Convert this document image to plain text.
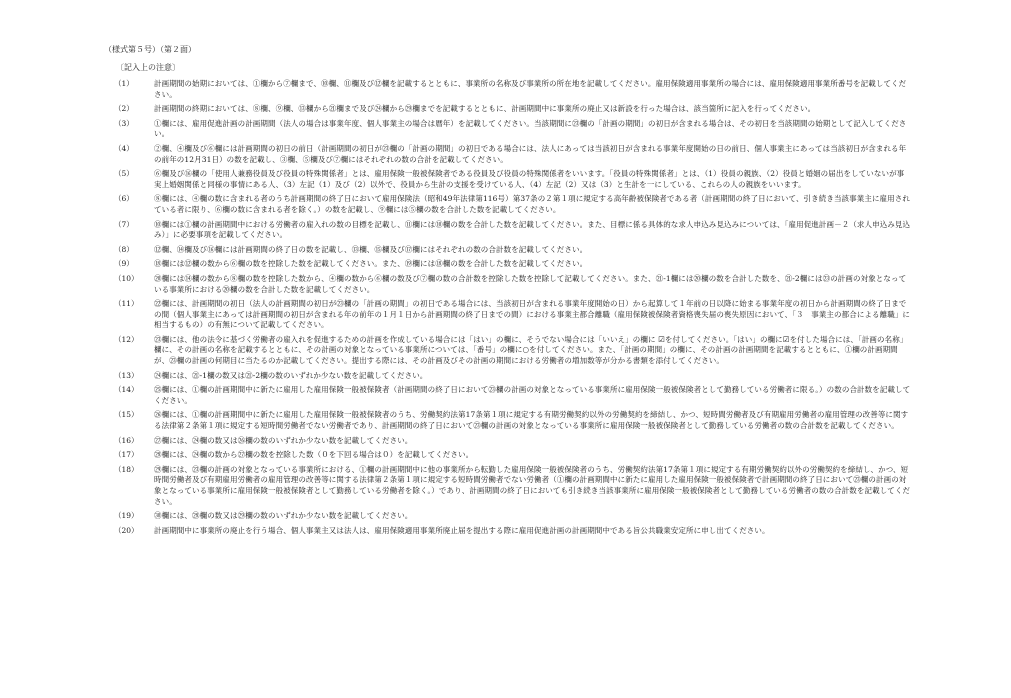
（様式第５号）（第２面）
〔記入上の注意〕
（1）	計画期間の始期においては、①欄から⑦欄まで、⑩欄、⑪欄及び⑫欄を記載するとともに、事業所の名称及び事業所の所在地を記載してください。雇用保険適用事業所の場合には、雇用保険適用事業所番号を記載してください。
（2）	計画期間の終期においては、⑧欄、⑨欄、⑬欄から㉑欄まで及び㉔欄から㉙欄までを記載するとともに、計画期間中に事業所の廃止又は新設を行った場合は、該当箇所に記入を行ってください。
（3）	①欄には、雇用促進計画の計画期間（法人の場合は事業年度、個人事業主の場合は暦年）を記載してください。当該期間に㉓欄の「計画の期間」の初日が含まれる場合は、その初日を当該期間の始期として記入してください。
（4）	②欄、④欄及び⑥欄には計画期間の初日の前日（計画期間の初日が㉓欄の「計画の期間」の初日である場合には、法人にあっては当該初日が含まれる事業年度開始の日の前日、個人事業主にあっては当該初日が含まれる年の前年の12月31日）の数を記載し、③欄、⑤欄及び⑦欄にはそれぞれの数の合計を記載してください。
（5）	⑥欄及び⑯欄の「使用人兼務役員及び役員の特殊関係者」とは、雇用保険一般被保険者である役員及び役員の特殊関係者をいいます。「役員の特殊関係者」とは、（1）役員の親族、（2）役員と婚姻の届出をしていないが事実上婚姻関係と同様の事情にある人、（3）左記（1）及び（2）以外で、役員から生計の支援を受けている人、（4）左記（2）又は（3）と生計を一にしている、これらの人の親族をいいます。
（6）	⑧欄には、④欄の数に含まれる者のうち計画期間の終了日において雇用保険法（昭和49年法律第116号）第37条の２第１項に規定する高年齢被保険者である者（計画期間の終了日において、引き続き当該事業主に雇用されている者に限り、⑥欄の数に含まれる者を除く。）の数を記載し、⑨欄には⑤欄の数を合計した数を記載してください。
（7）	⑩欄には①欄の計画期間中における労働者の雇入れの数の目標を記載し、⑪欄には⑩欄の数を合計した数を記載してください。また、目標に係る具体的な求人申込み見込みについては、「雇用促進計画－２（求人申込み見込み）」に必要事項を記載してください。
（8）	⑫欄、⑭欄及び⑯欄には計画期間の終了日の数を記載し、⑬欄、⑮欄及び⑰欄にはそれぞれの数の合計数を記載してください。
（9）	⑱欄には⑫欄の数から⑥欄の数を控除した数を記載してください。また、⑲欄には⑱欄の数を合計した数を記載してください。
（10）	⑳欄には⑭欄の数から⑧欄の数を控除した数から、④欄の数から⑥欄の数及び⑦欄の数の合計数を控除した数を控除して記載してください。また、㉑-1欄には⑳欄の数を合計した数を、㉑-2欄には㉓の計画の対象となっている事業所における⑳欄の数を合計した数を記載してください。
（11）	㉒欄には、計画期間の初日（法人の計画期間の初日が㉓欄の「計画の期間」の初日である場合には、当該初日が含まれる事業年度開始の日）から起算して１年前の日以降に始まる事業年度の初日から計画期間の終了日までの間（個人事業主にあっては計画期間の初日が含まれる年の前年の１月１日から計画期間の終了日までの間）における事業主都合離職（雇用保険被保険者資格喪失届の喪失原因において、「３　事業主の都合による離職」に相当するもの）の有無について記載してください。
（12）	㉓欄には、他の法令に基づく労働者の雇入れを促進するための計画を作成している場合には「はい」の欄に、そうでない場合には「いいえ」の欄に ☑を付してください。「はい」の欄に☑を付した場合には、「計画の名称」欄に、その計画の名称を記載するとともに、その計画の対象となっている事業所については、「番号」の欄に○を付してください。また、「計画の期間」の欄に、その計画の計画期間を記載するとともに、①欄の計画期間が、㉓欄の計画の何期目に当たるのか記載してください。提出する際には、その計画及びその計画の期間における労働者の増加数等が分かる書類を添付してください。
（13）	㉔欄には、㉑-1欄の数又は㉑-2欄の数のいずれか少ない数を記載してください。
（14）	㉕欄には、①欄の計画期間中に新たに雇用した雇用保険一般被保険者（計画期間の終了日において㉓欄の計画の対象となっている事業所に雇用保険一般被保険者として勤務している労働者に限る。）の数の合計数を記載してください。
（15）	㉖欄には、①欄の計画期間中に新たに雇用した雇用保険一般被保険者のうち、労働契約法第17条第１項に規定する有期労働契約以外の労働契約を締結し、かつ、短時間労働者及び有期雇用労働者の雇用管理の改善等に関する法律第２条第１項に規定する短時間労働者でない労働者であり、計画期間の終了日において㉓欄の計画の対象となっている事業所に雇用保険一般被保険者として勤務している労働者の数の合計数を記載してください。
（16）	㉗欄には、㉔欄の数又は㉖欄の数のいずれか少ない数を記載してください。
（17）	㉘欄には、㉔欄の数から㉗欄の数を控除した数（０を下回る場合は０）を記載してください。
（18）	㉙欄には、㉓欄の計画の対象となっている事業所における、①欄の計画期間中に他の事業所から転勤した雇用保険一般被保険者のうち、労働契約法第17条第１項に規定する有期労働契約以外の労働契約を締結し、かつ、短時間労働者及び有期雇用労働者の雇用管理の改善等に関する法律第２条第１項に規定する短時間労働者でない労働者（①欄の計画期間中に新たに雇用した雇用保険一般被保険者で計画期間の終了日において㉓欄の計画の対象となっている事業所に雇用保険一般被保険者として勤務している労働者を除く。）であり、計画期間の終了日においても引き続き当該事業所に雇用保険一般被保険者として勤務している労働者の数の合計数を記載してください。
（19）	㉚欄には、㉘欄の数又は㉙欄の数のいずれか少ない数を記載してください。
（20）	計画期間中に事業所の廃止を行う場合、個人事業主又は法人は、雇用保険適用事業所廃止届を提出する際に雇用促進計画の計画期間中である旨公共職業安定所に申し出てください。
